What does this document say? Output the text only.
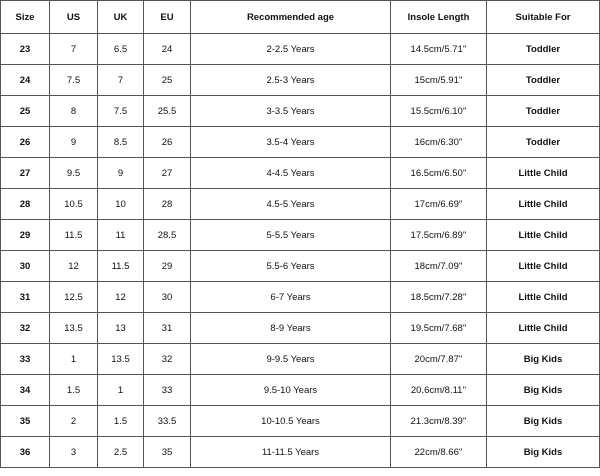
Size	US	UK	EU	Recommended age	Insole Length	Suitable For
23	7	6.5	24	2-2.5 Years	14.5cm/5.71''	Toddler
24	7.5	7	25	2.5-3 Years	15cm/5.91''	Toddler
25	8	7.5	25.5	3-3.5 Years	15.5cm/6.10''	Toddler
26	9	8.5	26	3.5-4 Years	16cm/6.30''	Toddler
27	9.5	9	27	4-4.5 Years	16.5cm/6.50''	Little Child
28	10.5	10	28	4.5-5 Years	17cm/6.69''	Little Child
29	11.5	11	28.5	5-5.5 Years	17.5cm/6.89''	Little Child
30	12	11.5	29	5.5-6 Years	18cm/7.09''	Little Child
31	12.5	12	30	6-7 Years	18.5cm/7.28''	Little Child
32	13.5	13	31	8-9 Years	19.5cm/7.68''	Little Child
33	1	13.5	32	9-9.5 Years	20cm/7.87''	Big Kids
34	1.5	1	33	9.5-10 Years	20.6cm/8.11''	Big Kids
35	2	1.5	33.5	10-10.5 Years	21.3cm/8.39''	Big Kids
36	3	2.5	35	11-11.5 Years	22cm/8.66''	Big Kids
